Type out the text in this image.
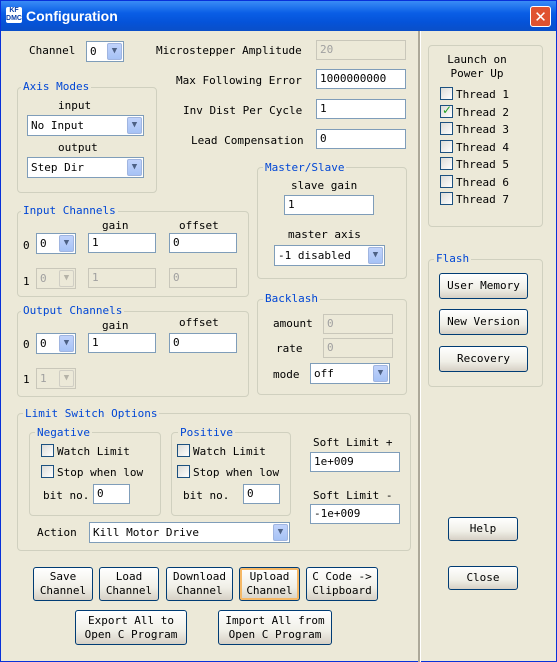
KF DMC Configuration	✕
Channel	0	▼	Microstepper Amplitude	20
Max Following Error	1000000000
Inv Dist Per Cycle	1
Lead Compensation	0
Axis Modes
input
No Input	▼
output
Step Dir	▼	Master/Slave
slave gain
1
master axis
-1 disabled	▼
Input Channels
gain	offset
0 0	▼	1	0
1 0	▼	1	0
Backlash
amount	0
rate	0
mode	off	▼
Output Channels
gain	offset
0 0	▼	1	0
1 1	▼
Limit Switch Options
Negative
Watch Limit
Stop when low
bit no. 0
Positive
Watch Limit
Stop when low
bit no.	0
Soft Limit +
1e+009
Soft Limit -
-1e+009
Action	Kill Motor Drive	▼
Save
Channel
Load
Channel
Download
Channel
Upload
Channel
C Code ->
Clipboard
Export All to
Open C Program
Import All from
Open C Program
Launch on
Power Up
Thread 1
✓ Thread 2
Thread 3
Thread 4
Thread 5
Thread 6
Thread 7
Flash
User Memory
New Version
Recovery
Help
Close
